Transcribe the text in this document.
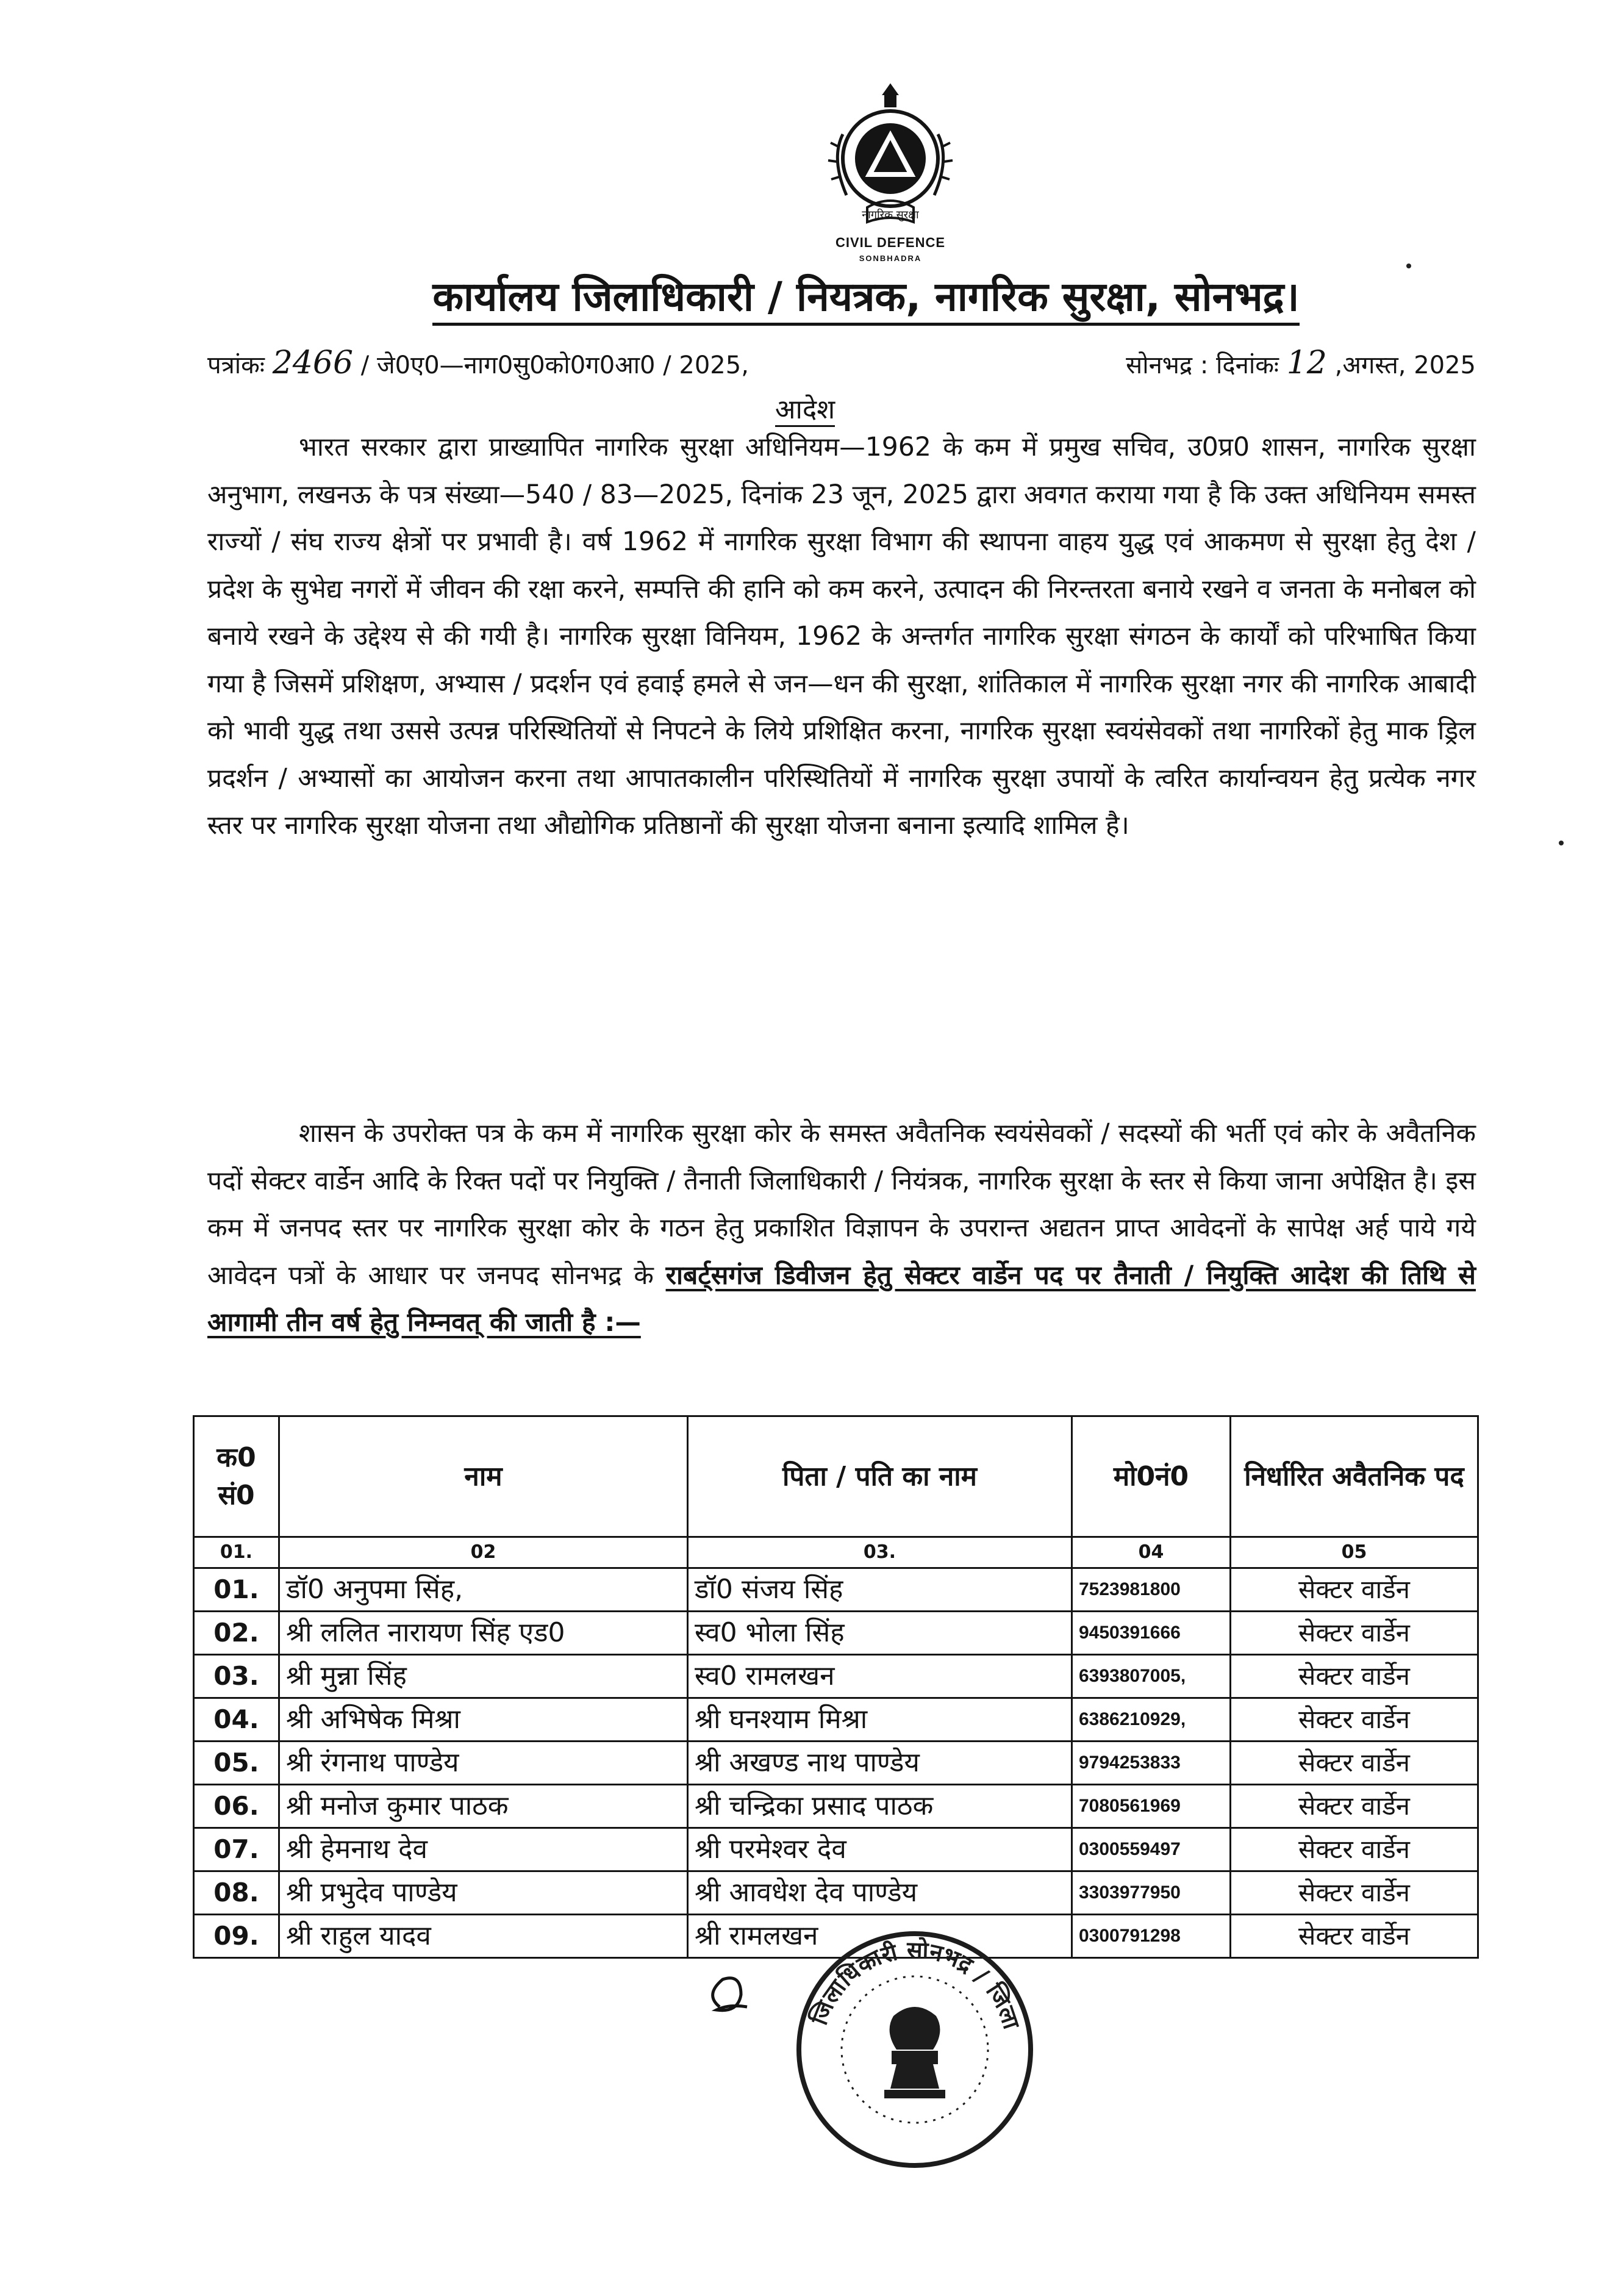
नागरिक सुरक्षा
CIVIL DEFENCE
SONBHADRA
कार्यालय जिलाधिकारी / नियत्रक, नागरिक सुरक्षा, सोनभद्र।
पत्रांकः 2466 / जे0ए0—नाग0सु0को0ग0आ0 / 2025,	सोनभद्र : दिनांकः 12 ,अगस्त, 2025
आदेश
भारत सरकार द्वारा प्राख्यापित नागरिक सुरक्षा अधिनियम—1962 के कम में प्रमुख सचिव, उ0प्र0 शासन, नागरिक सुरक्षा अनुभाग, लखनऊ के पत्र संख्या—540 / 83—2025, दिनांक 23 जून, 2025 द्वारा अवगत कराया गया है कि उक्त अधिनियम समस्त राज्यों / संघ राज्य क्षेत्रों पर प्रभावी है। वर्ष 1962 में नागरिक सुरक्षा विभाग की स्थापना वाहय युद्ध एवं आकमण से सुरक्षा हेतु देश / प्रदेश के सुभेद्य नगरों में जीवन की रक्षा करने, सम्पत्ति की हानि को कम करने, उत्पादन की निरन्तरता बनाये रखने व जनता के मनोबल को बनाये रखने के उद्देश्य से की गयी है। नागरिक सुरक्षा विनियम, 1962 के अन्तर्गत नागरिक सुरक्षा संगठन के कार्यों को परिभाषित किया गया है जिसमें प्रशिक्षण, अभ्यास / प्रदर्शन एवं हवाई हमले से जन—धन की सुरक्षा, शांतिकाल में नागरिक सुरक्षा नगर की नागरिक आबादी को भावी युद्ध तथा उससे उत्पन्न परिस्थितियों से निपटने के लिये प्रशिक्षित करना, नागरिक सुरक्षा स्वयंसेवकों तथा नागरिकों हेतु माक ड्रिल प्रदर्शन / अभ्यासों का आयोजन करना तथा आपातकालीन परिस्थितियों में नागरिक सुरक्षा उपायों के त्वरित कार्यान्वयन हेतु प्रत्येक नगर स्तर पर नागरिक सुरक्षा योजना तथा औद्योगिक प्रतिष्ठानों की सुरक्षा योजना बनाना इत्यादि शामिल है।
शासन के उपरोक्त पत्र के कम में नागरिक सुरक्षा कोर के समस्त अवैतनिक स्वयंसेवकों / सदस्यों की भर्ती एवं कोर के अवैतनिक पदों सेक्टर वार्डेन आदि के रिक्त पदों पर नियुक्ति / तैनाती जिलाधिकारी / नियंत्रक, नागरिक सुरक्षा के स्तर से किया जाना अपेक्षित है। इस कम में जनपद स्तर पर नागरिक सुरक्षा कोर के गठन हेतु प्रकाशित विज्ञापन के उपरान्त अद्यतन प्राप्त आवेदनों के सापेक्ष अर्ह पाये गये आवेदन पत्रों के आधार पर जनपद सोनभद्र के राबर्ट्सगंज डिवीजन हेतु सेक्टर वार्डेन पद पर तैनाती / नियुक्ति आदेश की तिथि से आगामी तीन वर्ष हेतु निम्नवत् की जाती है :—
क0 सं0	नाम	पिता / पति का नाम	मो0नं0	निर्धारित अवैतनिक पद
01.	02	03.	04	05
01.	डॉ0 अनुपमा सिंह,	डॉ0 संजय सिंह	7523981800	सेक्टर वार्डेन
02.	श्री ललित नारायण सिंह एड0	स्व0 भोला सिंह	9450391666	सेक्टर वार्डेन
03.	श्री मुन्ना सिंह	स्व0 रामलखन	6393807005,	सेक्टर वार्डेन
04.	श्री अभिषेक मिश्रा	श्री घनश्याम मिश्रा	6386210929,	सेक्टर वार्डेन
05.	श्री रंगनाथ पाण्डेय	श्री अखण्ड नाथ पाण्डेय	9794253833	सेक्टर वार्डेन
06.	श्री मनोज कुमार पाठक	श्री चन्द्रिका प्रसाद पाठक	7080561969	सेक्टर वार्डेन
07.	श्री हेमनाथ देव	श्री परमेश्वर देव	0300559497	सेक्टर वार्डेन
08.	श्री प्रभुदेव पाण्डेय	श्री आवधेश देव पाण्डेय	3303977950	सेक्टर वार्डेन
09.	श्री राहुल यादव	श्री रामलखन	0300791298	सेक्टर वार्डेन
जिलाधिकारी सोनभद्र / जिला
